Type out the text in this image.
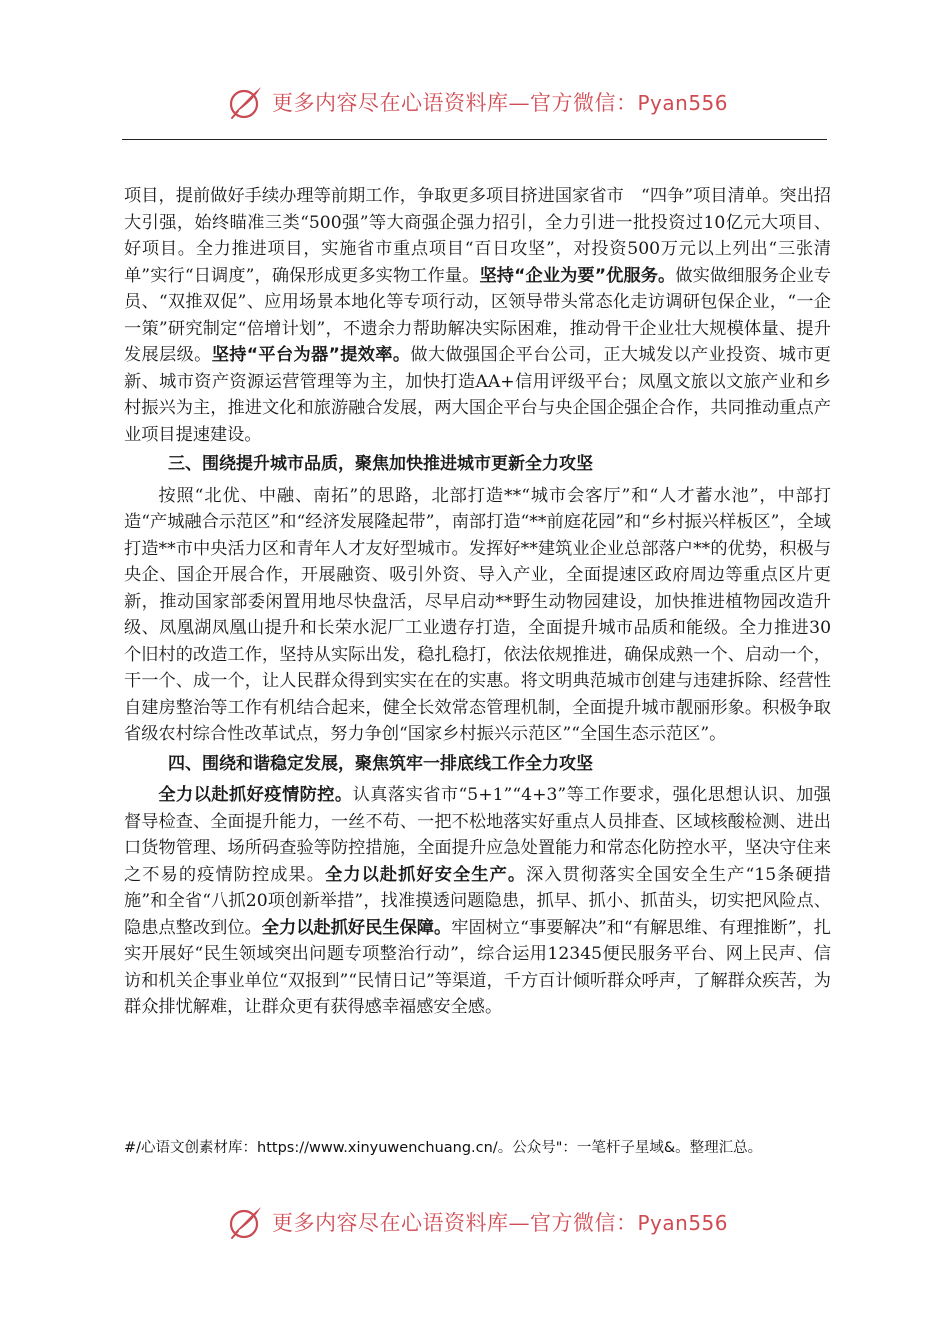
更多内容尽在心语资料库—官方微信：Pyan556

项目，提前做好手续办理等前期工作，争取更多项目挤进国家省市　“四争”项目清单。突出招大引强，始终瞄准三类“500强”等大商强企强力招引，全力引进一批投资过10亿元大项目、好项目。全力推进项目，实施省市重点项目“百日攻坚”，对投资500万元以上列出“三张清单”实行“日调度”，确保形成更多实物工作量。坚持“企业为要”优服务。做实做细服务企业专员、“双推双促”、应用场景本地化等专项行动，区领导带头常态化走访调研包保企业，“一企一策”研究制定“倍增计划”，不遗余力帮助解决实际困难，推动骨干企业壮大规模体量、提升发展层级。坚持“平台为器”提效率。做大做强国企平台公司，正大城发以产业投资、城市更新、城市资产资源运营管理等为主，加快打造AA+信用评级平台；凤凰文旅以文旅产业和乡村振兴为主，推进文化和旅游融合发展，两大国企平台与央企国企强企合作，共同推动重点产业项目提速建设。

三、围绕提升城市品质，聚焦加快推进城市更新全力攻坚

按照“北优、中融、南拓”的思路，北部打造**“城市会客厅”和“人才蓄水池”，中部打造“产城融合示范区”和“经济发展隆起带”，南部打造“**前庭花园”和“乡村振兴样板区”，全域打造**市中央活力区和青年人才友好型城市。发挥好**建筑业企业总部落户**的优势，积极与央企、国企开展合作，开展融资、吸引外资、导入产业，全面提速区政府周边等重点区片更新，推动国家部委闲置用地尽快盘活，尽早启动**野生动物园建设，加快推进植物园改造升级、凤凰湖凤凰山提升和长荣水泥厂工业遗存打造，全面提升城市品质和能级。全力推进30个旧村的改造工作，坚持从实际出发，稳扎稳打，依法依规推进，确保成熟一个、启动一个，干一个、成一个，让人民群众得到实实在在的实惠。将文明典范城市创建与违建拆除、经营性自建房整治等工作有机结合起来，健全长效常态管理机制，全面提升城市靓丽形象。积极争取省级农村综合性改革试点，努力争创“国家乡村振兴示范区”“全国生态示范区”。

四、围绕和谐稳定发展，聚焦筑牢一排底线工作全力攻坚

全力以赴抓好疫情防控。认真落实省市“5+1”“4+3”等工作要求，强化思想认识、加强督导检查、全面提升能力，一丝不苟、一把不松地落实好重点人员排查、区域核酸检测、进出口货物管理、场所码查验等防控措施，全面提升应急处置能力和常态化防控水平，坚决守住来之不易的疫情防控成果。全力以赴抓好安全生产。深入贯彻落实全国安全生产“15条硬措施”和全省“八抓20项创新举措”，找准摸透问题隐患，抓早、抓小、抓苗头，切实把风险点、隐患点整改到位。全力以赴抓好民生保障。牢固树立“事要解决”和“有解思维、有理推断”，扎实开展好“民生领域突出问题专项整治行动”，综合运用12345便民服务平台、网上民声、信访和机关企事业单位“双报到”“民情日记”等渠道，千方百计倾听群众呼声，了解群众疾苦，为群众排忧解难，让群众更有获得感幸福感安全感。

#/心语文创素材库：https://www.xinyuwenchuang.cn/。公众号"：一笔杆子星域&。整理汇总。
更多内容尽在心语资料库—官方微信：Pyan556
